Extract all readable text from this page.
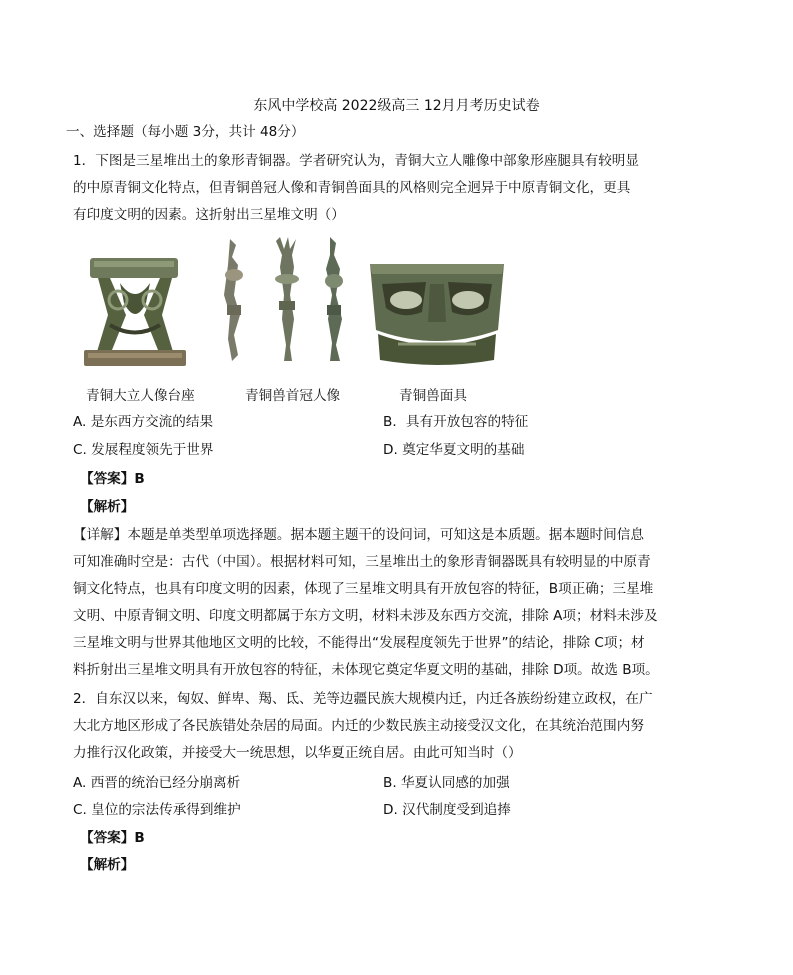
东风中学校高 2022级高三 12月月考历史试卷
一、选择题（每小题 3分，共计 48分）
1．下图是三星堆出土的象形青铜器。学者研究认为，青铜大立人雕像中部象形座腿具有较明显
的中原青铜文化特点，但青铜兽冠人像和青铜兽面具的风格则完全迥异于中原青铜文化，更具
有印度文明的因素。这折射出三星堆文明（）
青铜大立人像台座	青铜兽首冠人像	青铜兽面具
A. 是东西方交流的结果	B．具有开放包容的特征
C. 发展程度领先于世界	D. 奠定华夏文明的基础
【答案】B
【解析】
【详解】本题是单类型单项选择题。据本题主题干的设问词，可知这是本质题。据本题时间信息
可知准确时空是：古代（中国）。根据材料可知，三星堆出土的象形青铜器既具有较明显的中原青
铜文化特点，也具有印度文明的因素，体现了三星堆文明具有开放包容的特征，B项正确；三星堆
文明、中原青铜文明、印度文明都属于东方文明，材料未涉及东西方交流，排除 A项；材料未涉及
三星堆文明与世界其他地区文明的比较，不能得出“发展程度领先于世界”的结论，排除 C项；材
料折射出三星堆文明具有开放包容的特征，未体现它奠定华夏文明的基础，排除 D项。故选 B项。
2．自东汉以来，匈奴、鲜卑、羯、氐、羌等边疆民族大规模内迁，内迁各族纷纷建立政权，在广
大北方地区形成了各民族错处杂居的局面。内迁的少数民族主动接受汉文化，在其统治范围内努
力推行汉化政策，并接受大一统思想，以华夏正统自居。由此可知当时（）
A. 西晋的统治已经分崩离析	B. 华夏认同感的加强
C. 皇位的宗法传承得到维护	D. 汉代制度受到追捧
【答案】B
【解析】
